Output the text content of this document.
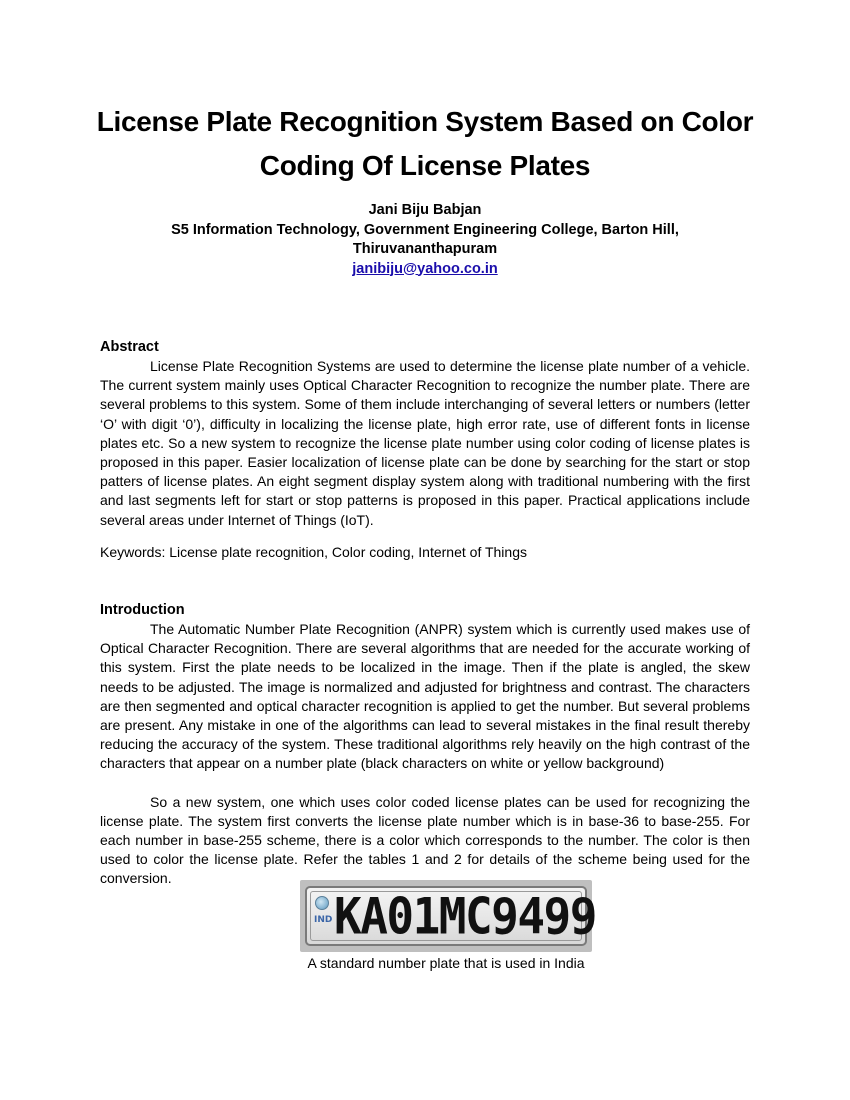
License Plate Recognition System Based on Color
Coding Of License Plates
Jani Biju Babjan
S5 Information Technology, Government Engineering College, Barton Hill,
Thiruvananthapuram
janibiju@yahoo.co.in
Abstract

License Plate Recognition Systems are used to determine the license plate number of a vehicle. The current system mainly uses Optical Character Recognition to recognize the number plate. There are several problems to this system. Some of them include interchanging of several letters or numbers (letter ‘O’ with digit ‘0’), difficulty in localizing the license plate, high error rate, use of different fonts in license plates etc. So a new system to recognize the license plate number using color coding of license plates is proposed in this paper. Easier localization of license plate can be done by searching for the start or stop patters of license plates. An eight segment display system along with traditional numbering with the first and last segments left for start or stop patterns is proposed in this paper. Practical applications include several areas under Internet of Things (IoT).

Keywords: License plate recognition, Color coding, Internet of Things

Introduction

The Automatic Number Plate Recognition (ANPR) system which is currently used makes use of Optical Character Recognition. There are several algorithms that are needed for the accurate working of this system. First the plate needs to be localized in the image. Then if the plate is angled, the skew needs to be adjusted. The image is normalized and adjusted for brightness and contrast. The characters are then segmented and optical character recognition is applied to get the number. But several problems are present. Any mistake in one of the algorithms can lead to several mistakes in the final result thereby reducing the accuracy of the system. These traditional algorithms rely heavily on the high contrast of the characters that appear on a number plate (black characters on white or yellow background)

So a new system, one which uses color coded license plates can be used for recognizing the license plate. The system first converts the license plate number which is in base-36 to base-255. For each number in base-255 scheme, there is a color which corresponds to the number. The color is then used to color the license plate. Refer the tables 1 and 2 for details of the scheme being used for the conversion.

IND KA01MC9499
A standard number plate that is used in India
